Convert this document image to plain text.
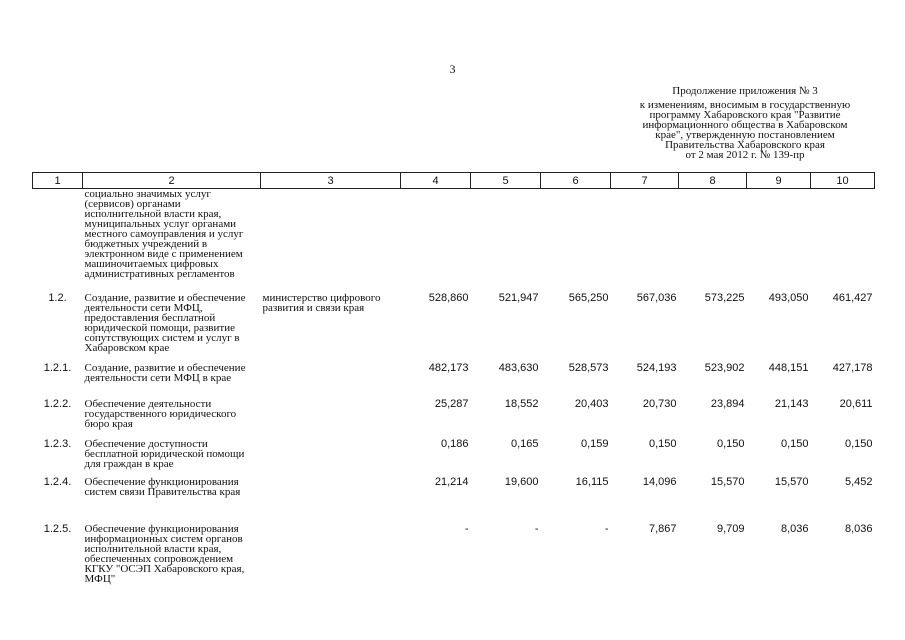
3
Продолжение приложения № 3
к изменениям, вносимым в государственную
программу Хабаровского края "Развитие
информационного общества в Хабаровском
крае", утвержденную постановлением
Правительства Хабаровского края
от 2 мая 2012 г. № 139-пр
1	2	3	4	5	6	7	8	9	10
	социально значимых услуг (сервисов) органами исполнительной власти края, муниципальных услуг органами местного самоуправления и услуг бюджетных учреждений в электронном виде с применением машиночитаемых цифровых административных регламентов								
1.2.	Создание, развитие и обеспечение деятельности сети МФЦ, предоставления бесплатной юридической помощи, развитие сопутствующих систем и услуг в Хабаровском крае	министерство цифрового развития и связи края	528,860	521,947	565,250	567,036	573,225	493,050	461,427
1.2.1.	Создание, развитие и обеспечение деятельности сети МФЦ в крае		482,173	483,630	528,573	524,193	523,902	448,151	427,178
1.2.2.	Обеспечение деятельности государственного юридического бюро края		25,287	18,552	20,403	20,730	23,894	21,143	20,611
1.2.3.	Обеспечение доступности бесплатной юридической помощи для граждан в крае		0,186	0,165	0,159	0,150	0,150	0,150	0,150
1.2.4.	Обеспечение функционирования систем связи Правительства края		21,214	19,600	16,115	14,096	15,570	15,570	5,452
1.2.5.	Обеспечение функционирования информационных систем органов исполнительной власти края, обеспеченных сопровождением КГКУ "ОСЭП Хабаровского края, МФЦ"		-	-	-	7,867	9,709	8,036	8,036
